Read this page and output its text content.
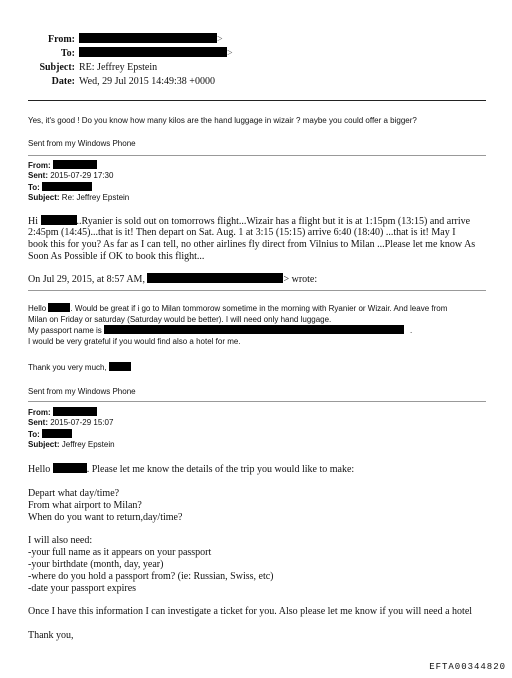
From:	>
To:	>
Subject: RE: Jeffrey Epstein
Date: Wed, 29 Jul 2015 14:49:38 +0000
Yes, it's good ! Do you know how many kilos are the hand luggage in wizair ? maybe you could offer a bigger?
Sent from my Windows Phone
From:
Sent: 2015-07-29 17:30
To:
Subject: Re: Jeffrey Epstein
Hi	..Ryanier is sold out on tomorrows flight...Wizair has a flight but it is at 1:15pm (13:15) and arrive
2:45pm (14:45)...that is it! Then depart on Sat. Aug. 1 at 3:15 (15:15) arrive 6:40 (18:40) ...that is it! May I
book this for you? As far as I can tell, no other airlines fly direct from Vilnius to Milan ...Please let me know As
Soon As Possible if OK to book this flight...
On Jul 29, 2015, at 8:57 AM,	> wrote:
Hello	. Would be great if i go to Milan tommorow sometime in the morning with Ryanier or Wizair. And leave from
Milan on Friday or saturday (Saturday would be better). I will need only hand luggage.
My passport name is	.
I would be very grateful if you would find also a hotel for me.
Thank you very much,
Sent from my Windows Phone
From:
Sent: 2015-07-29 15:07
To:
Subject: Jeffrey Epstein
Hello	. Please let me know the details of the trip you would like to make:
Depart what day/time?
From what airport to Milan?
When do you want to return,day/time?
I will also need:
-your full name as it appears on your passport
-your birthdate (month, day, year)
-where do you hold a passport from? (ie: Russian, Swiss, etc)
-date your passport expires
Once I have this information I can investigate a ticket for you. Also please let me know if you will need a hotel
Thank you,
EFTA00344820
